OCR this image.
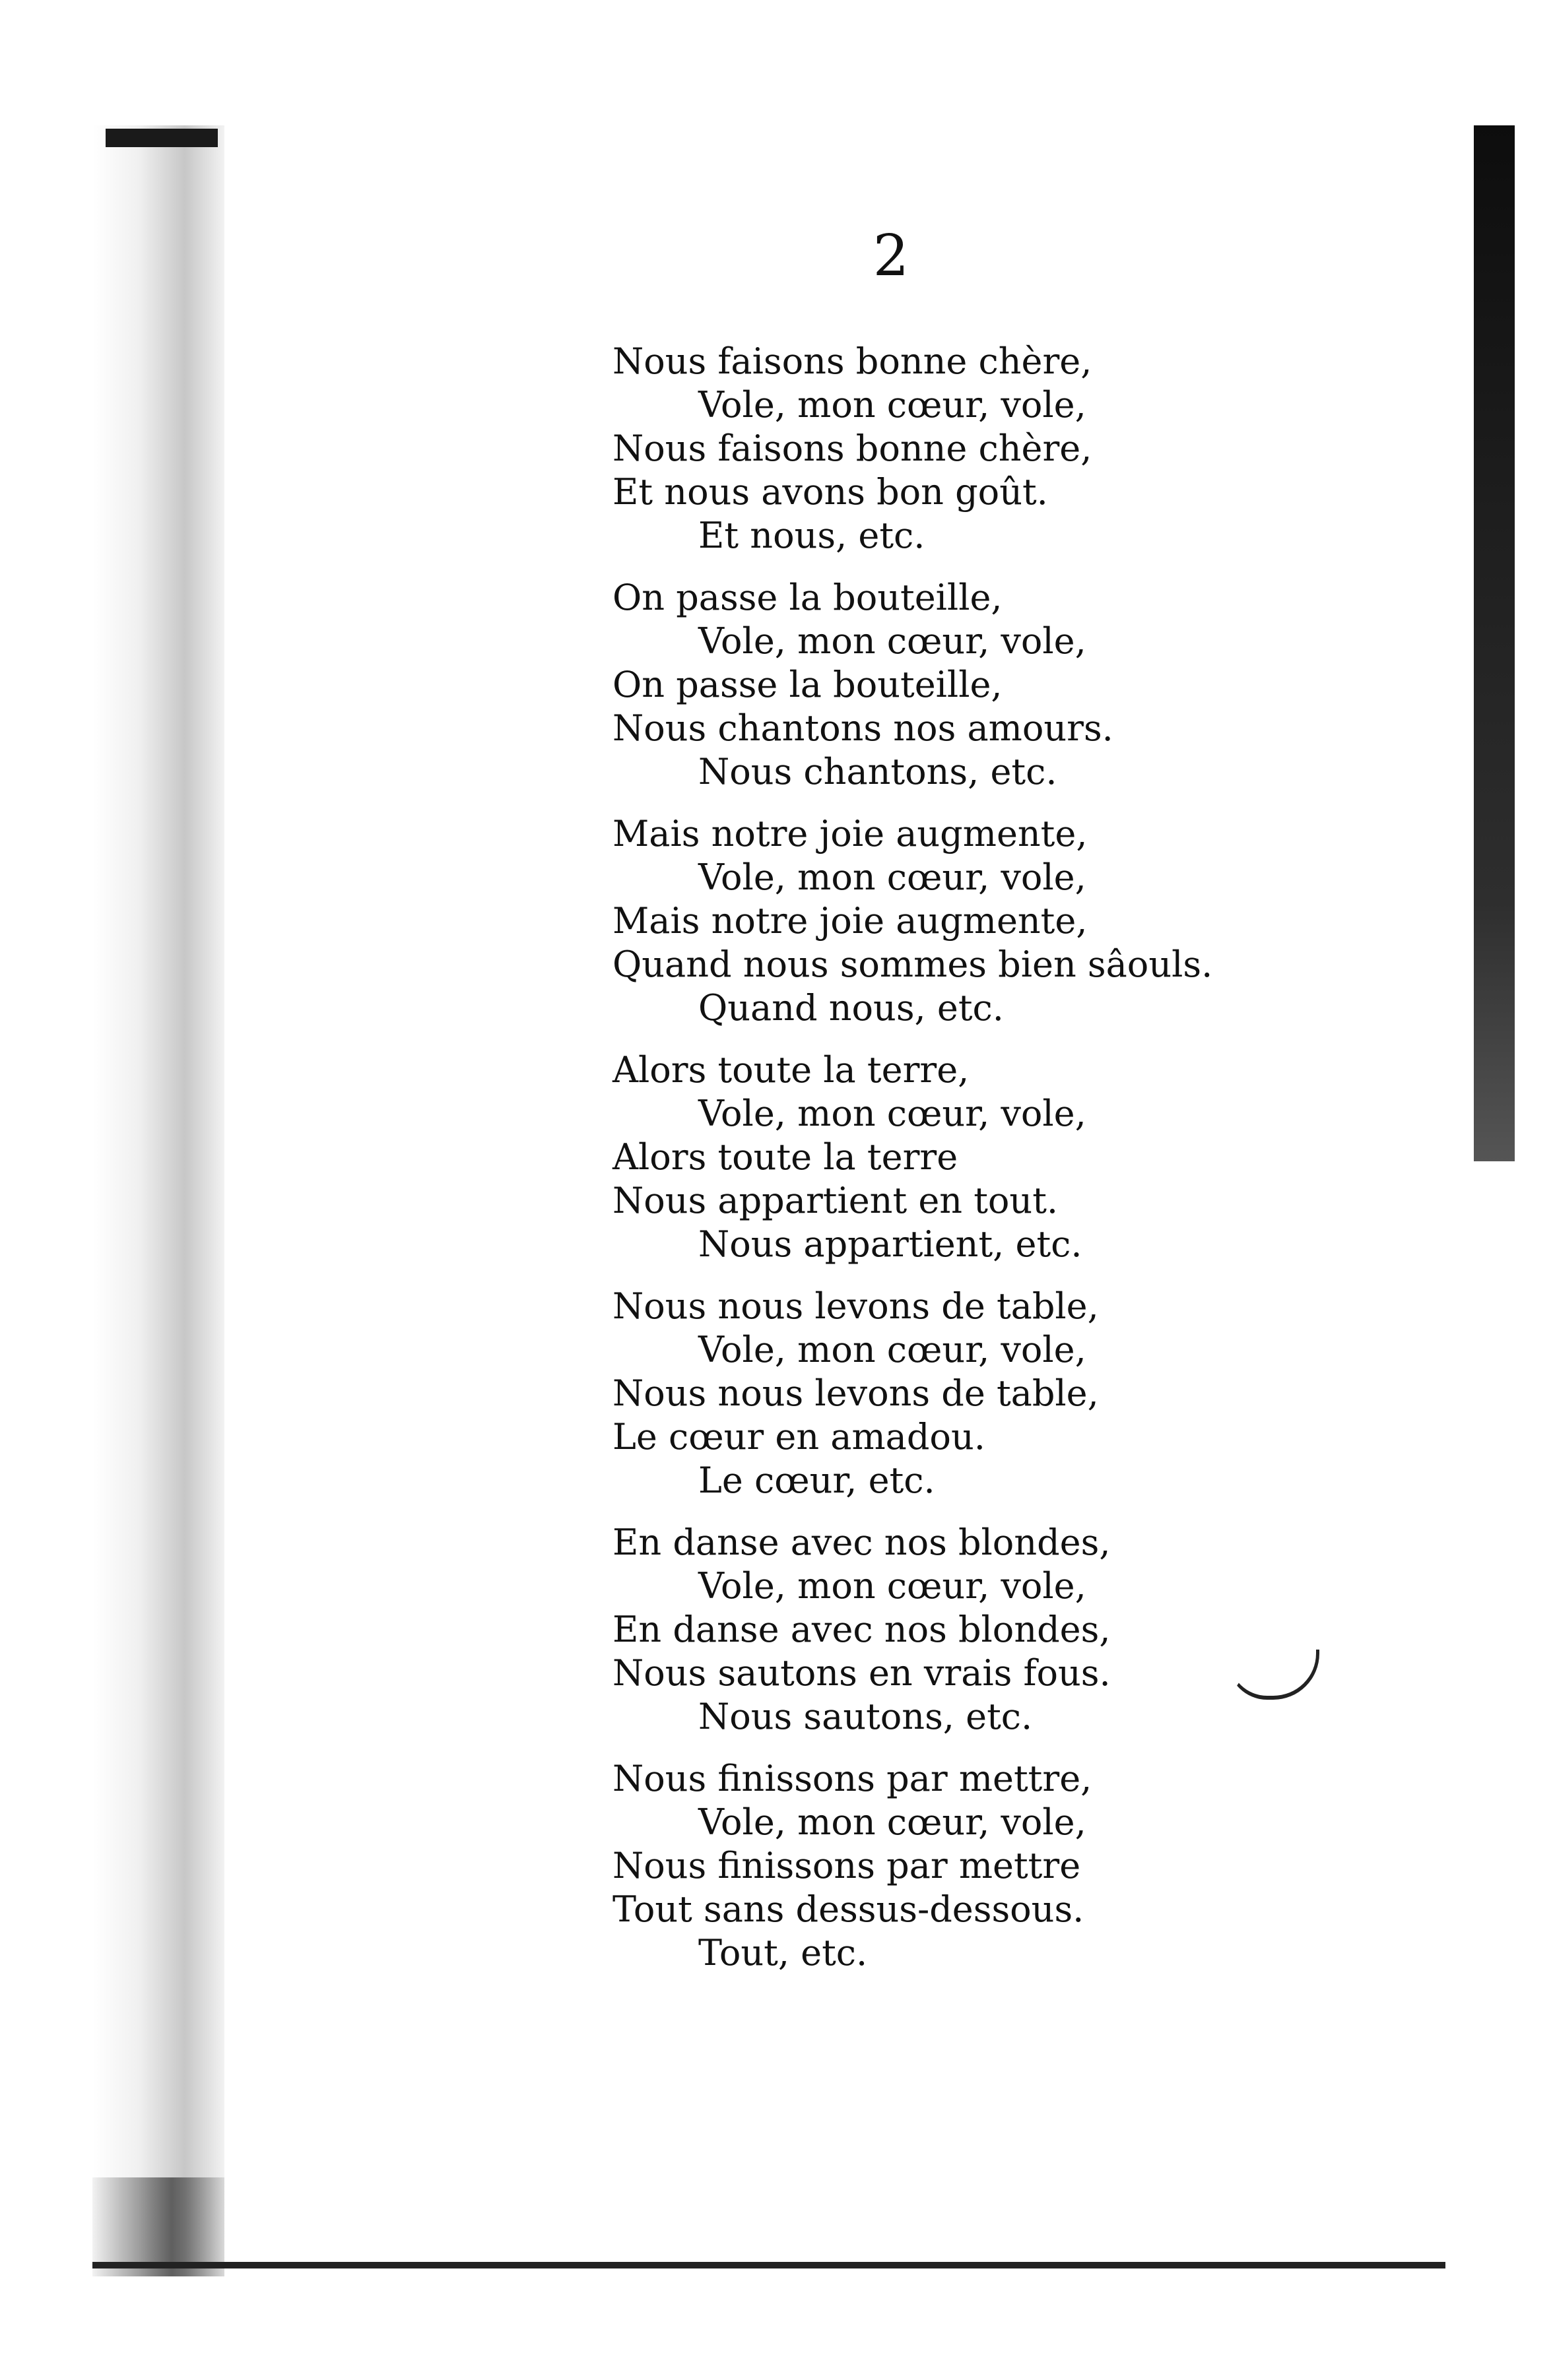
2
Nous faisons bonne chère,
Vole, mon cœur, vole,
Nous faisons bonne chère,
Et nous avons bon goût.
Et nous, etc.
On passe la bouteille,
Vole, mon cœur, vole,
On passe la bouteille,
Nous chantons nos amours.
Nous chantons, etc.
Mais notre joie augmente,
Vole, mon cœur, vole,
Mais notre joie augmente,
Quand nous sommes bien sâouls.
Quand nous, etc.
Alors toute la terre,
Vole, mon cœur, vole,
Alors toute la terre
Nous appartient en tout.
Nous appartient, etc.
Nous nous levons de table,
Vole, mon cœur, vole,
Nous nous levons de table,
Le cœur en amadou.
Le cœur, etc.
En danse avec nos blondes,
Vole, mon cœur, vole,
En danse avec nos blondes,
Nous sautons en vrais fous.
Nous sautons, etc.
Nous finissons par mettre,
Vole, mon cœur, vole,
Nous finissons par mettre
Tout sans dessus-dessous.
Tout, etc.
